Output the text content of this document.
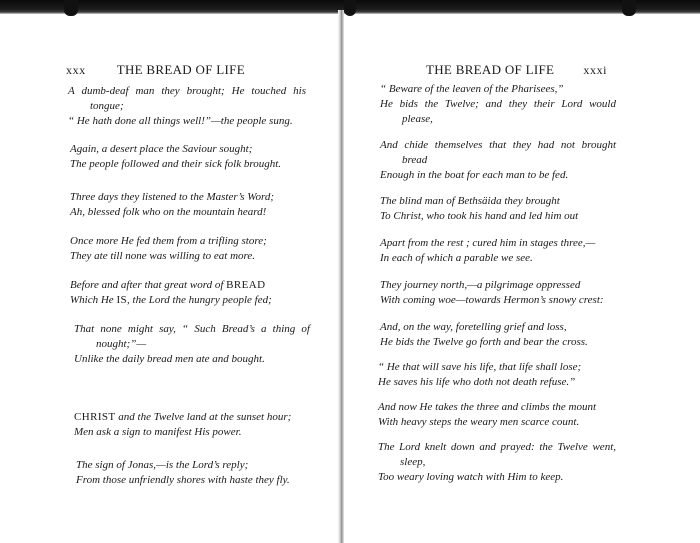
xxx THE BREAD OF LIFE
A dumb-deaf man they brought; He touched his
tongue;
“ He hath done all things well!”—the people sung.
Again, a desert place the Saviour sought;
The people followed and their sick folk brought.
Three days they listened to the Master’s Word;
Ah, blessed folk who on the mountain heard!
Once more He fed them from a trifling store;
They ate till none was willing to eat more.
Before and after that great word of BREAD
Which He IS, the Lord the hungry people fed;
That none might say, “ Such Bread’s a thing of
nought;”—
Unlike the daily bread men ate and bought.
CHRIST and the Twelve land at the sunset hour;
Men ask a sign to manifest His power.
The sign of Jonas,—is the Lord’s reply;
From those unfriendly shores with haste they fly.
THE BREAD OF LIFE xxxi
“ Beware of the leaven of the Pharisees,”
He bids the Twelve; and they their Lord would
please,
And chide themselves that they had not brought
bread
Enough in the boat for each man to be fed.
The blind man of Bethsäida they brought
To Christ, who took his hand and led him out
Apart from the rest ; cured him in stages three,—
In each of which a parable we see.
They journey north,—a pilgrimage oppressed
With coming woe—towards Hermon’s snowy crest:
And, on the way, foretelling grief and loss,
He bids the Twelve go forth and bear the cross.
“ He that will save his life, that life shall lose;
He saves his life who doth not death refuse.”
And now He takes the three and climbs the mount
With heavy steps the weary men scarce count.
The Lord knelt down and prayed: the Twelve went,
sleep,
Too weary loving watch with Him to keep.
